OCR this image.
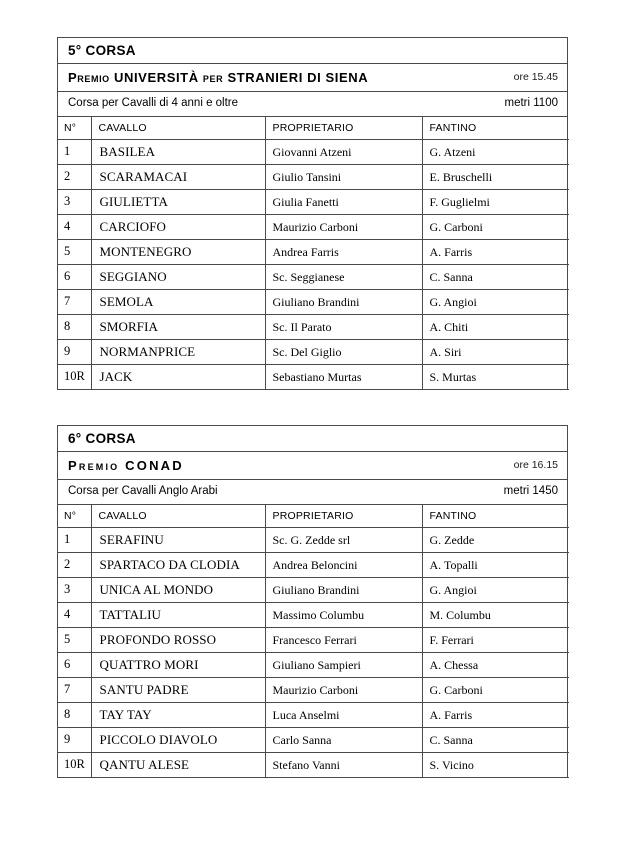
5° CORSA
Premio UNIVERSITÀ per STRANIERI DI SIENA	ore 15.45
Corsa per Cavalli di 4 anni e oltre	metri 1100
N°	CAVALLO	PROPRIETARIO	FANTINO
1	BASILEA	Giovanni Atzeni	G. Atzeni
2	SCARAMACAI	Giulio Tansini	E. Bruschelli
3	GIULIETTA	Giulia Fanetti	F. Guglielmi
4	CARCIOFO	Maurizio Carboni	G. Carboni
5	MONTENEGRO	Andrea Farris	A. Farris
6	SEGGIANO	Sc. Seggianese	C. Sanna
7	SEMOLA	Giuliano Brandini	G. Angioi
8	SMORFIA	Sc. Il Parato	A. Chiti
9	NORMANPRICE	Sc. Del Giglio	A. Siri
10R	JACK	Sebastiano Murtas	S. Murtas
6° CORSA
Premio CONAD	ore 16.15
Corsa per Cavalli Anglo Arabi	metri 1450
N°	CAVALLO	PROPRIETARIO	FANTINO
1	SERAFINU	Sc. G. Zedde srl	G. Zedde
2	SPARTACO DA CLODIA	Andrea Beloncini	A. Topalli
3	UNICA AL MONDO	Giuliano Brandini	G. Angioi
4	TATTALIU	Massimo Columbu	M. Columbu
5	PROFONDO ROSSO	Francesco Ferrari	F. Ferrari
6	QUATTRO MORI	Giuliano Sampieri	A. Chessa
7	SANTU PADRE	Maurizio Carboni	G. Carboni
8	TAY TAY	Luca Anselmi	A. Farris
9	PICCOLO DIAVOLO	Carlo Sanna	C. Sanna
10R	QANTU ALESE	Stefano Vanni	S. Vicino
